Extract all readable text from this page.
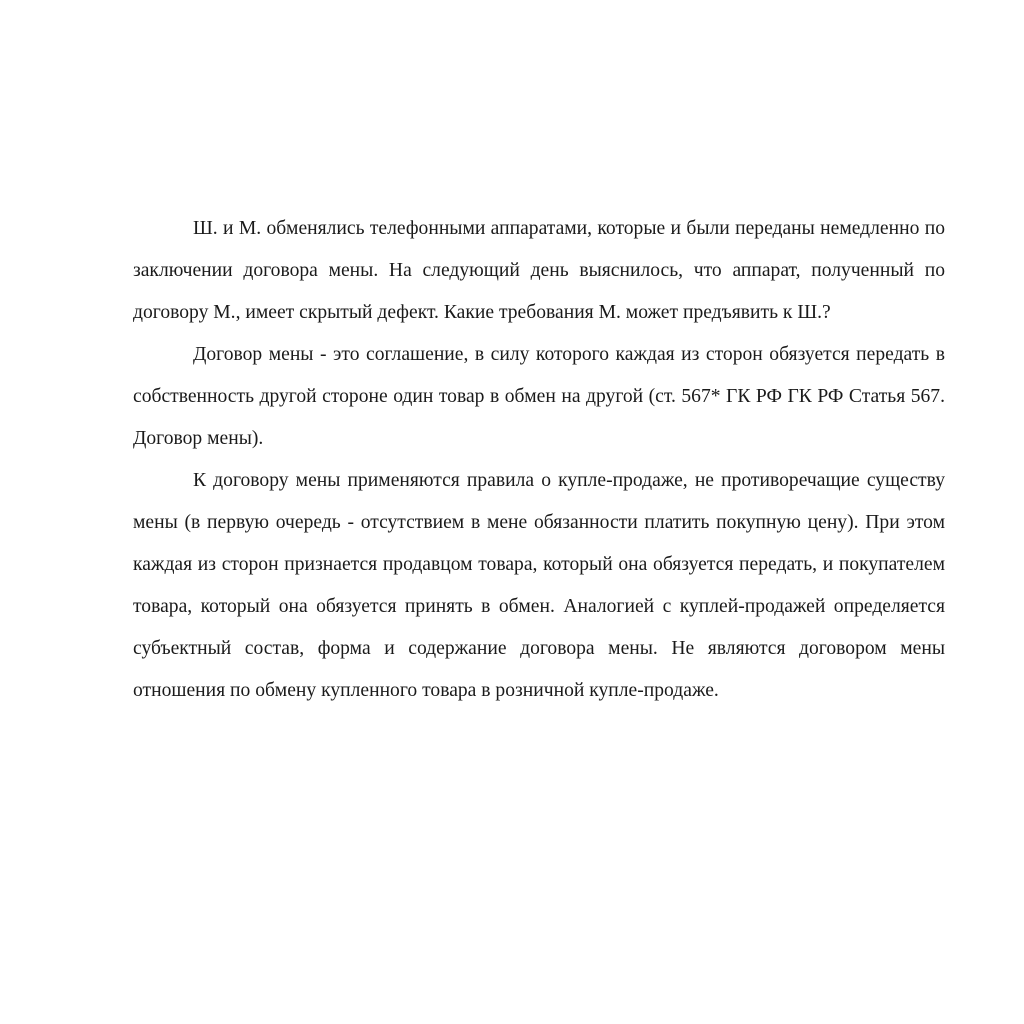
Ш. и М. обменялись телефонными аппаратами, которые и были переданы немедленно по заключении договора мены. На следующий день выяснилось, что аппарат, полученный по договору М., имеет скрытый дефект. Какие требования М. может предъявить к Ш.?

Договор мены - это соглашение, в силу которого каждая из сторон обязуется передать в собственность другой стороне один товар в обмен на другой (ст. 567* ГК РФ ГК РФ Статья 567. Договор мены).

К договору мены применяются правила о купле-продаже, не противоречащие существу мены (в первую очередь - отсутствием в мене обязанности платить покупную цену). При этом каждая из сторон признается продавцом товара, который она обязуется передать, и покупателем товара, который она обязуется принять в обмен. Аналогией с куплей-продажей определяется субъектный состав, форма и содержание договора мены. Не являются договором мены отношения по обмену купленного товара в розничной купле-продаже.
